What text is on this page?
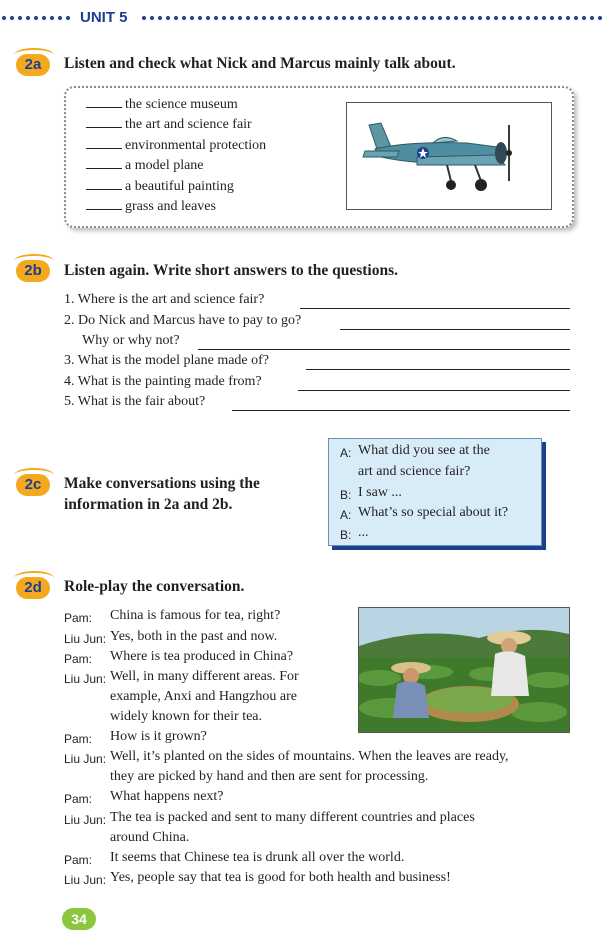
UNIT 5
2a	Listen and check what Nick and Marcus mainly talk about.
the science museum
the art and science fair
environmental protection
a model plane
a beautiful painting
grass and leaves
2b	Listen again. Write short answers to the questions.
1. Where is the art and science fair?
2. Do Nick and Marcus have to pay to go?
Why or why not?
3. What is the model plane made of?
4. What is the painting made from?
5. What is the fair about?
2c	Make conversations using the
information in 2a and 2b.
A: What did you see at the
art and science fair?
B: I saw ...
A: What’s so special about it?
B: ...
2d	Role-play the conversation.
Pam: China is famous for tea, right?
Liu Jun: Yes, both in the past and now.
Pam: Where is tea produced in China?
Liu Jun: Well, in many different areas. For
example, Anxi and Hangzhou are
widely known for their tea.
Pam: How is it grown?
Liu Jun: Well, it’s planted on the sides of mountains. When the leaves are ready,
they are picked by hand and then are sent for processing.
Pam: What happens next?
Liu Jun: The tea is packed and sent to many different countries and places
around China.
Pam: It seems that Chinese tea is drunk all over the world.
Liu Jun: Yes, people say that tea is good for both health and business!
34
